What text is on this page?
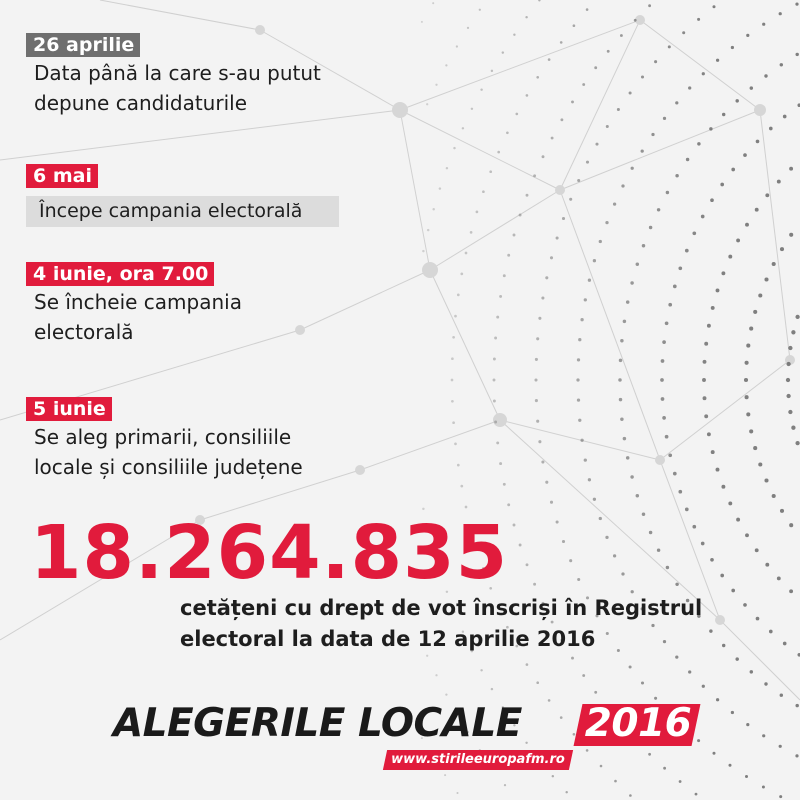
26 aprilie
Data până la care s-au putut
depune candidaturile
6 mai
Începe campania electorală
4 iunie, ora 7.00
Se încheie campania
electorală
5 iunie
Se aleg primarii, consiliile
locale și consiliile județene
18.264.835
cetățeni cu drept de vot înscriși în Registrul
electoral la data de 12 aprilie 2016
ALEGERILE LOCALE 2016
www.stirileeuropafm.ro
